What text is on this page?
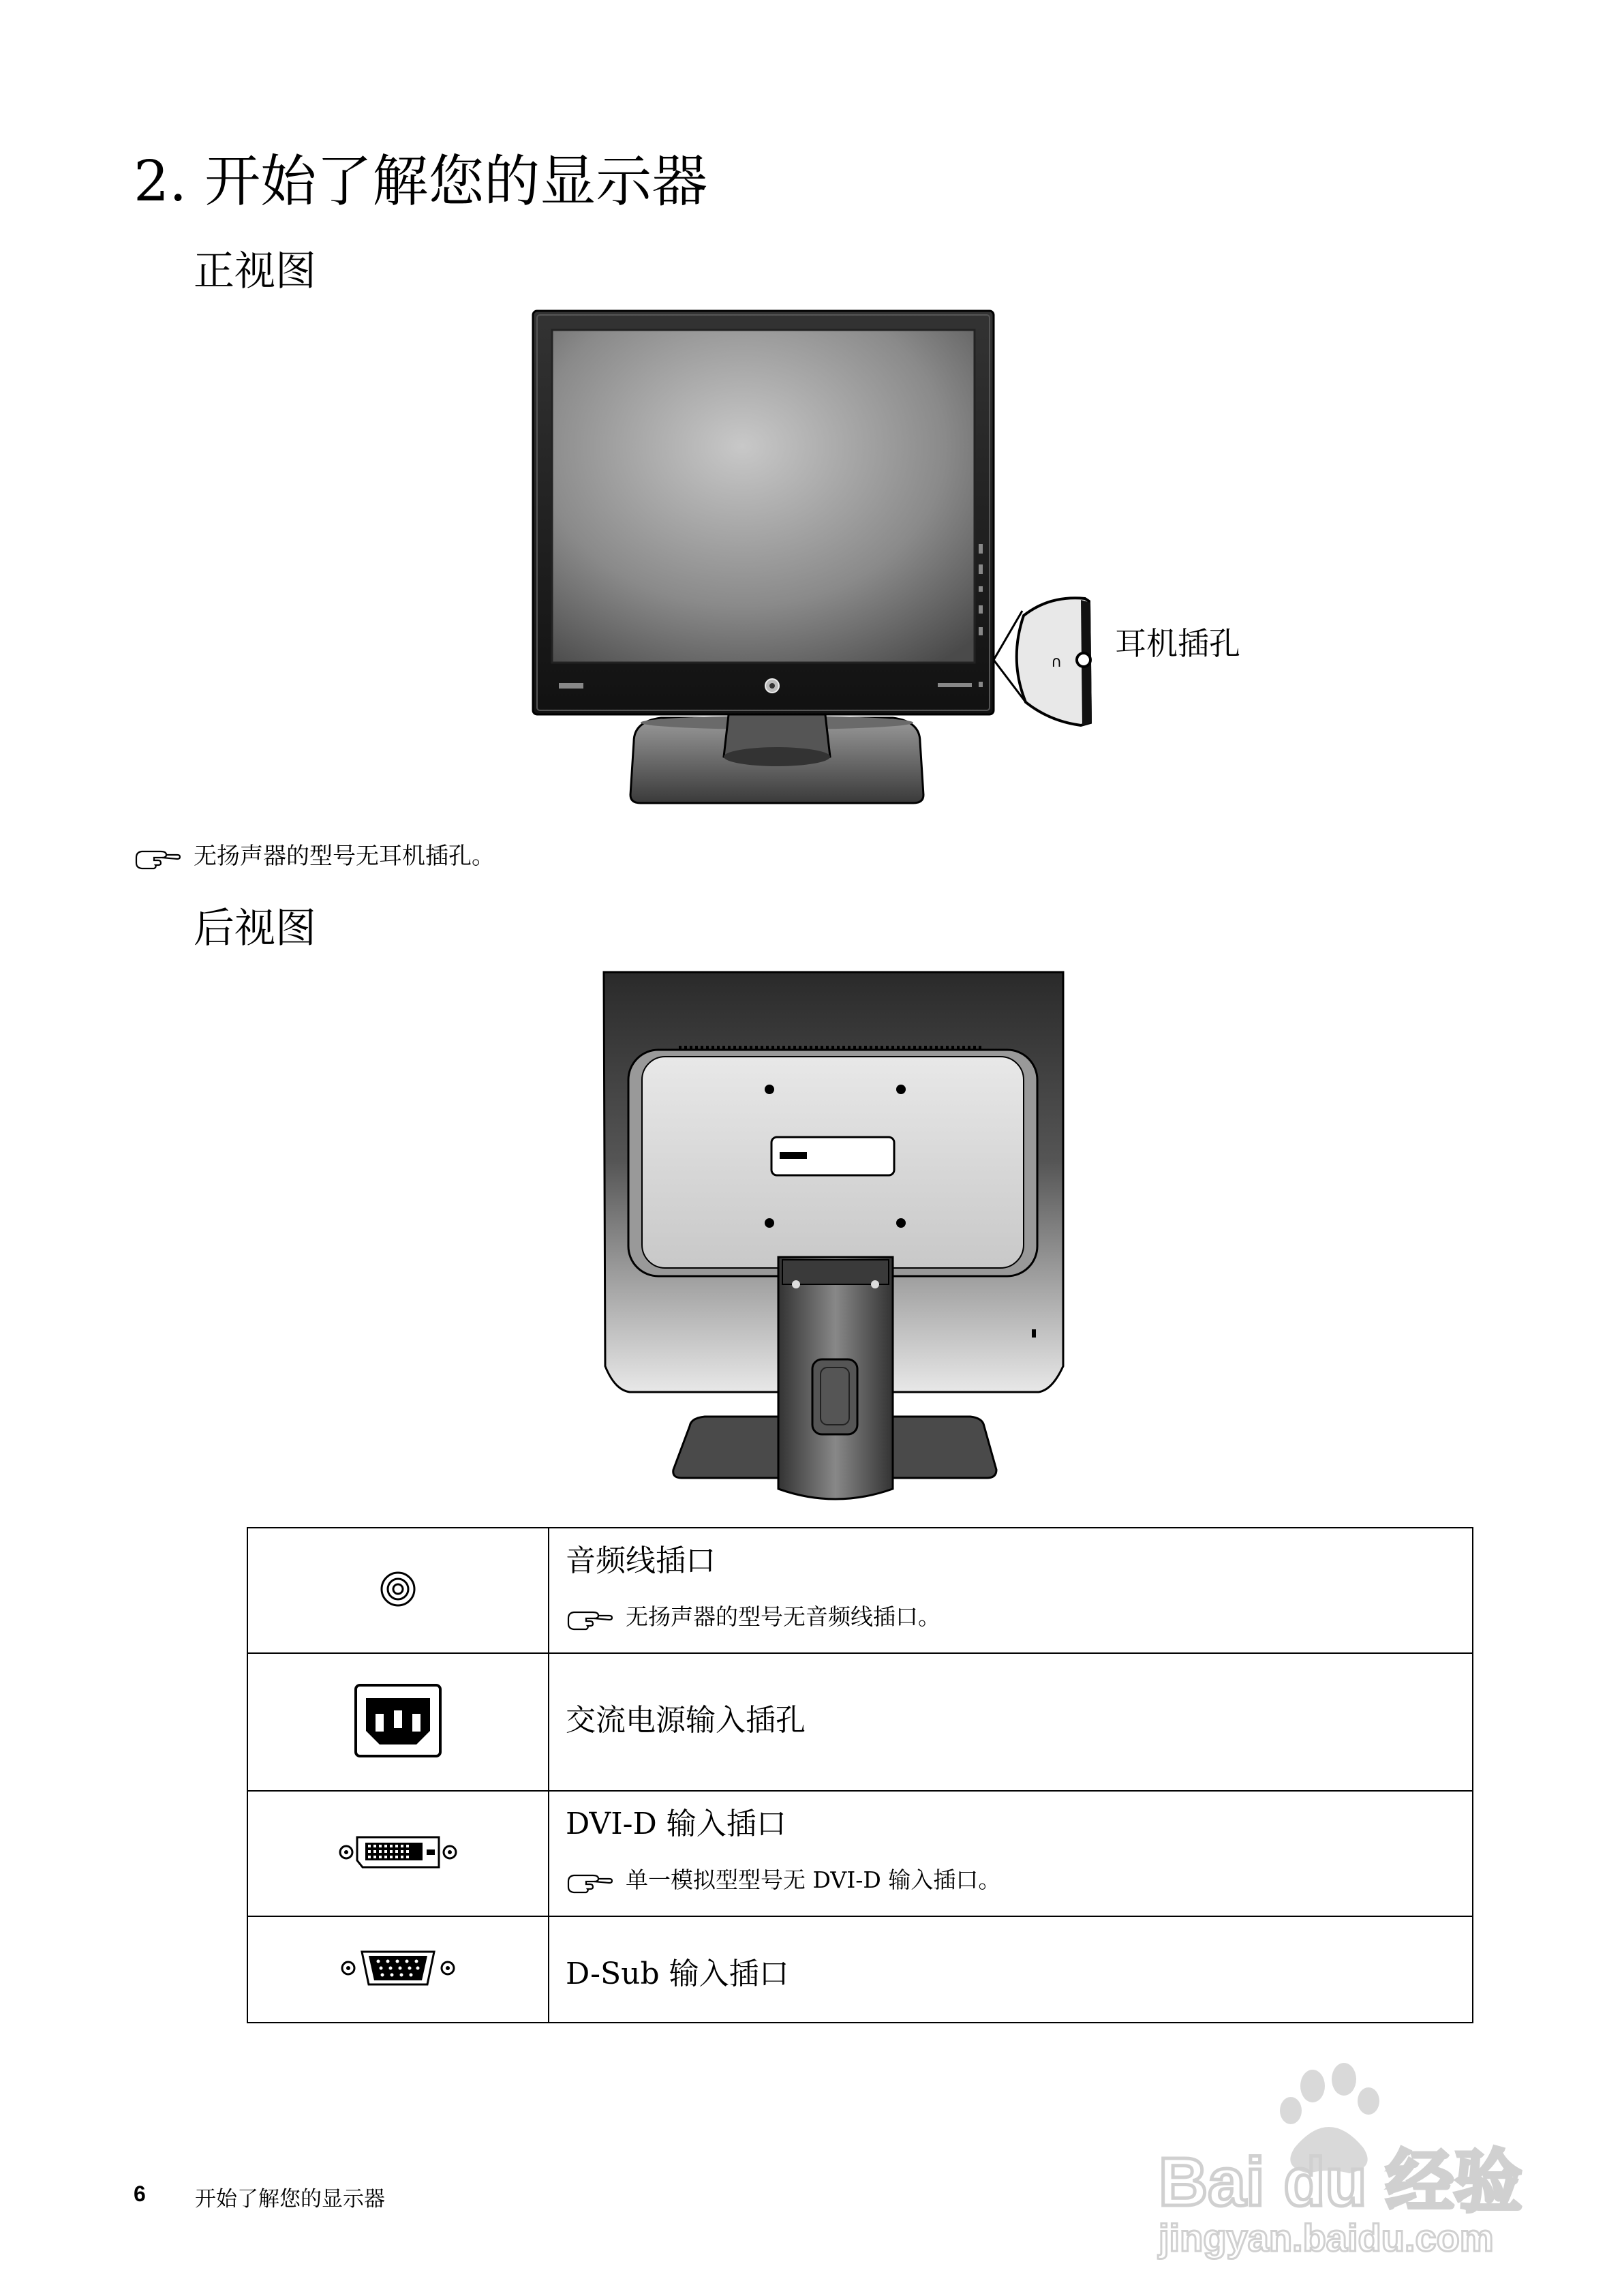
2. 开始了解您的显示器
正视图
∩
耳机插孔
无扬声器的型号无耳机插孔。
后视图

音频线插口
无扬声器的型号无音频线插口。

交流电源输入插孔

DVI-D 输入插口
单一模拟型型号无 DVI-D 输入插口。

D-Sub 输入插口
6 开始了解您的显示器	Bai du 经验
jingyan.baidu.com
